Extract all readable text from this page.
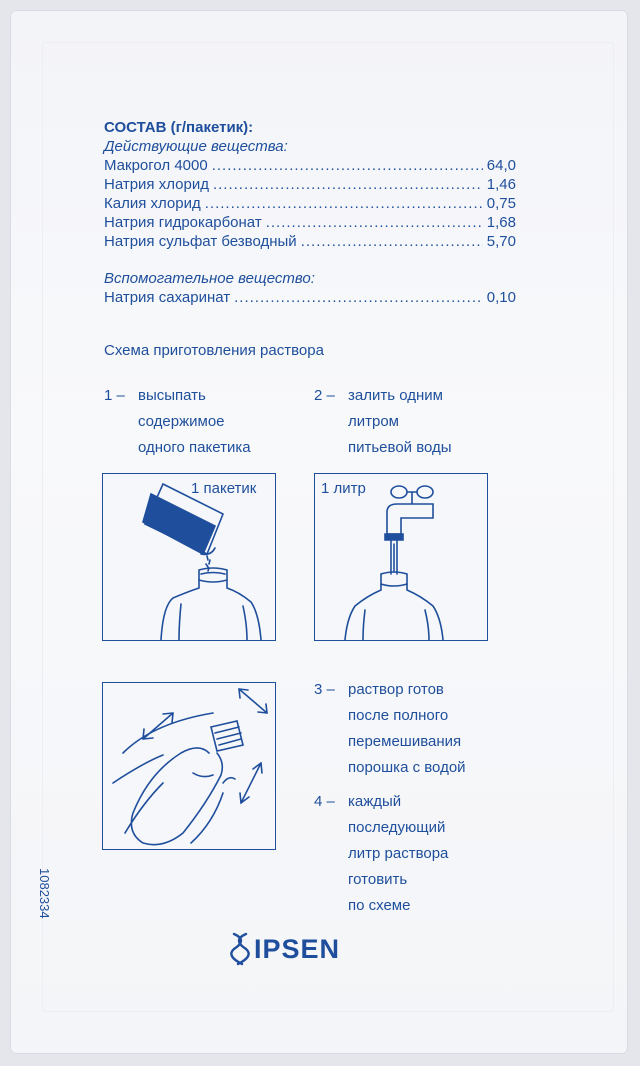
СОСТАВ (г/пакетик):
Действующие вещества:
Макрогол 4000 .....	64,0
Натрия хлорид .....	1,46
Калия хлорид .....	0,75
Натрия гидрокарбонат .....	1,68
Натрия сульфат безводный .....	5,70
Вспомогательное вещество:
Натрия сахаринат .....	0,10
Схема приготовления раствора
1 – высыпать
содержимое
одного пакетика
2 – залить одним
литром
питьевой воды
1 пакетик	1 литр
3 – раствор готов
после полного
перемешивания
порошка с водой
4 – каждый
последующий
литр раствора
готовить
по схеме
1082334
IPSEN
